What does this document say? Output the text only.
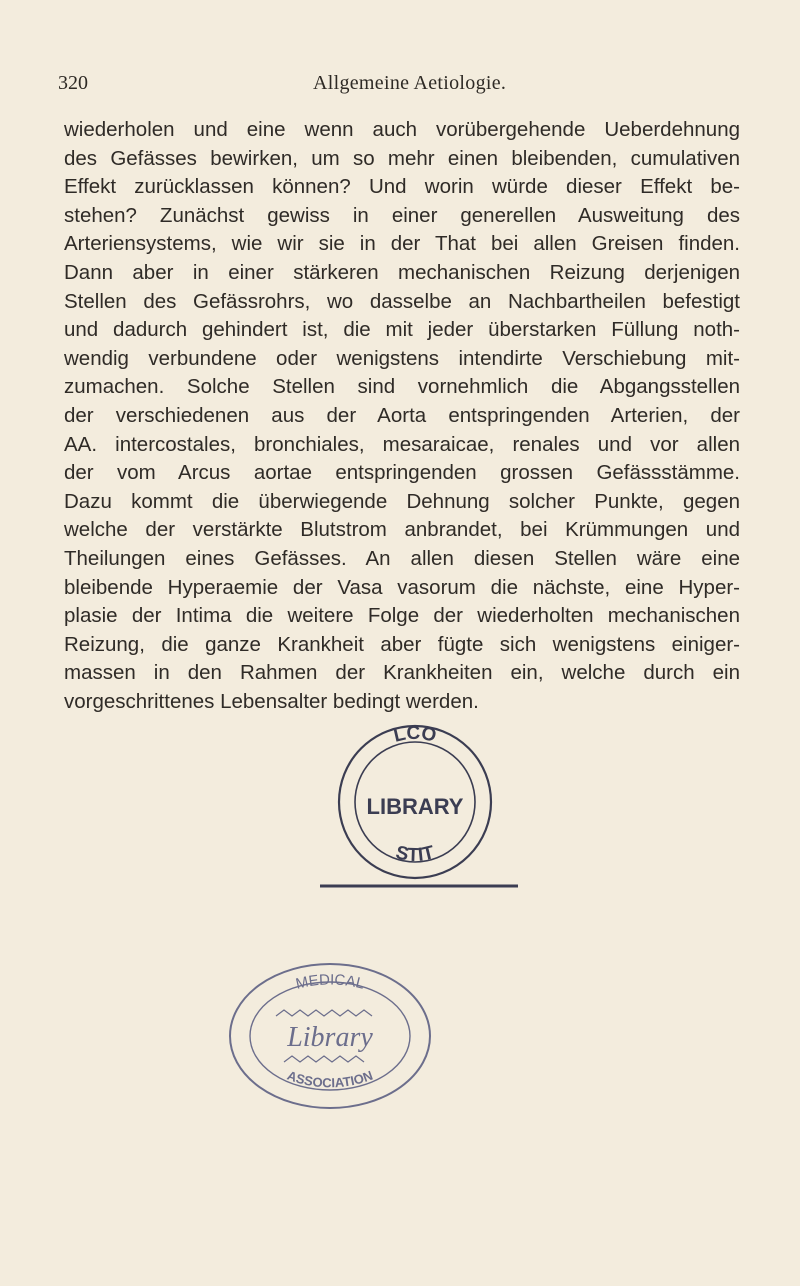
320	Allgemeine Aetiologie.
wiederholen und eine wenn auch vorübergehende Ueberdehnung
des Gefässes bewirken, um so mehr einen bleibenden, cumulativen
Effekt zurücklassen können? Und worin würde dieser Effekt be-
stehen? Zunächst gewiss in einer generellen Ausweitung des
Arteriensystems, wie wir sie in der That bei allen Greisen finden.
Dann aber in einer stärkeren mechanischen Reizung derjenigen
Stellen des Gefässrohrs, wo dasselbe an Nachbartheilen befestigt
und dadurch gehindert ist, die mit jeder überstarken Füllung noth-
wendig verbundene oder wenigstens intendirte Verschiebung mit-
zumachen. Solche Stellen sind vornehmlich die Abgangsstellen
der verschiedenen aus der Aorta entspringenden Arterien, der
AA. intercostales, bronchiales, mesaraicae, renales und vor allen
der vom Arcus aortae entspringenden grossen Gefässstämme.
Dazu kommt die überwiegende Dehnung solcher Punkte, gegen
welche der verstärkte Blutstrom anbrandet, bei Krümmungen und
Theilungen eines Gefässes. An allen diesen Stellen wäre eine
bleibende Hyperaemie der Vasa vasorum die nächste, eine Hyper-
plasie der Intima die weitere Folge der wiederholten mechanischen
Reizung, die ganze Krankheit aber fügte sich wenigstens einiger-
massen in den Rahmen der Krankheiten ein, welche durch ein
vorgeschrittenes Lebensalter bedingt werden.
LCO
LIBRARY
STIT
MEDICAL
Library
ASSOCIATION
